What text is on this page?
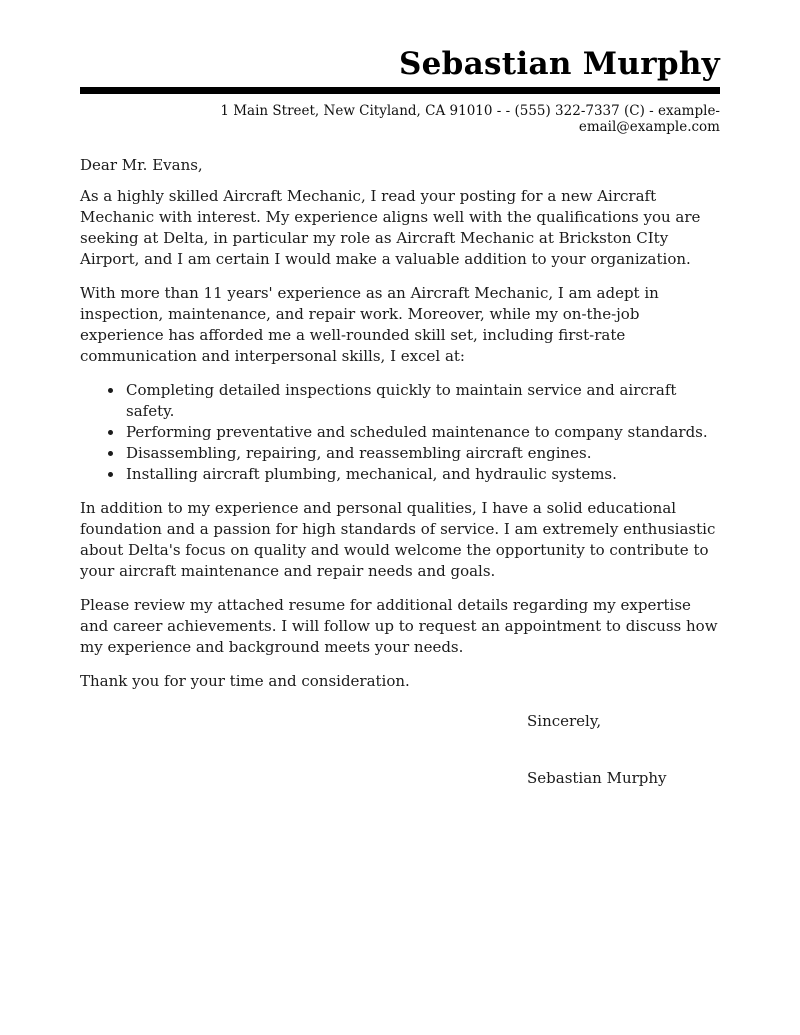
Sebastian Murphy
1 Main Street, New Cityland, CA 91010 - - (555) 322-7337 (C) - example-email@example.com

Dear Mr. Evans,

As a highly skilled Aircraft Mechanic, I read your posting for a new Aircraft Mechanic with interest. My experience aligns well with the qualifications you are seeking at Delta, in particular my role as Aircraft Mechanic at Brickston CIty Airport, and I am certain I would make a valuable addition to your organization.

With more than 11 years' experience as an Aircraft Mechanic, I am adept in inspection, maintenance, and repair work. Moreover, while my on-the-job experience has afforded me a well-rounded skill set, including first-rate communication and interpersonal skills, I excel at:

• Completing detailed inspections quickly to maintain service and aircraft safety.
• Performing preventative and scheduled maintenance to company standards.
• Disassembling, repairing, and reassembling aircraft engines.
• Installing aircraft plumbing, mechanical, and hydraulic systems.

In addition to my experience and personal qualities, I have a solid educational foundation and a passion for high standards of service. I am extremely enthusiastic about Delta's focus on quality and would welcome the opportunity to contribute to your aircraft maintenance and repair needs and goals.

Please review my attached resume for additional details regarding my expertise and career achievements. I will follow up to request an appointment to discuss how my experience and background meets your needs.

Thank you for your time and consideration.

Sincerely,

Sebastian Murphy
